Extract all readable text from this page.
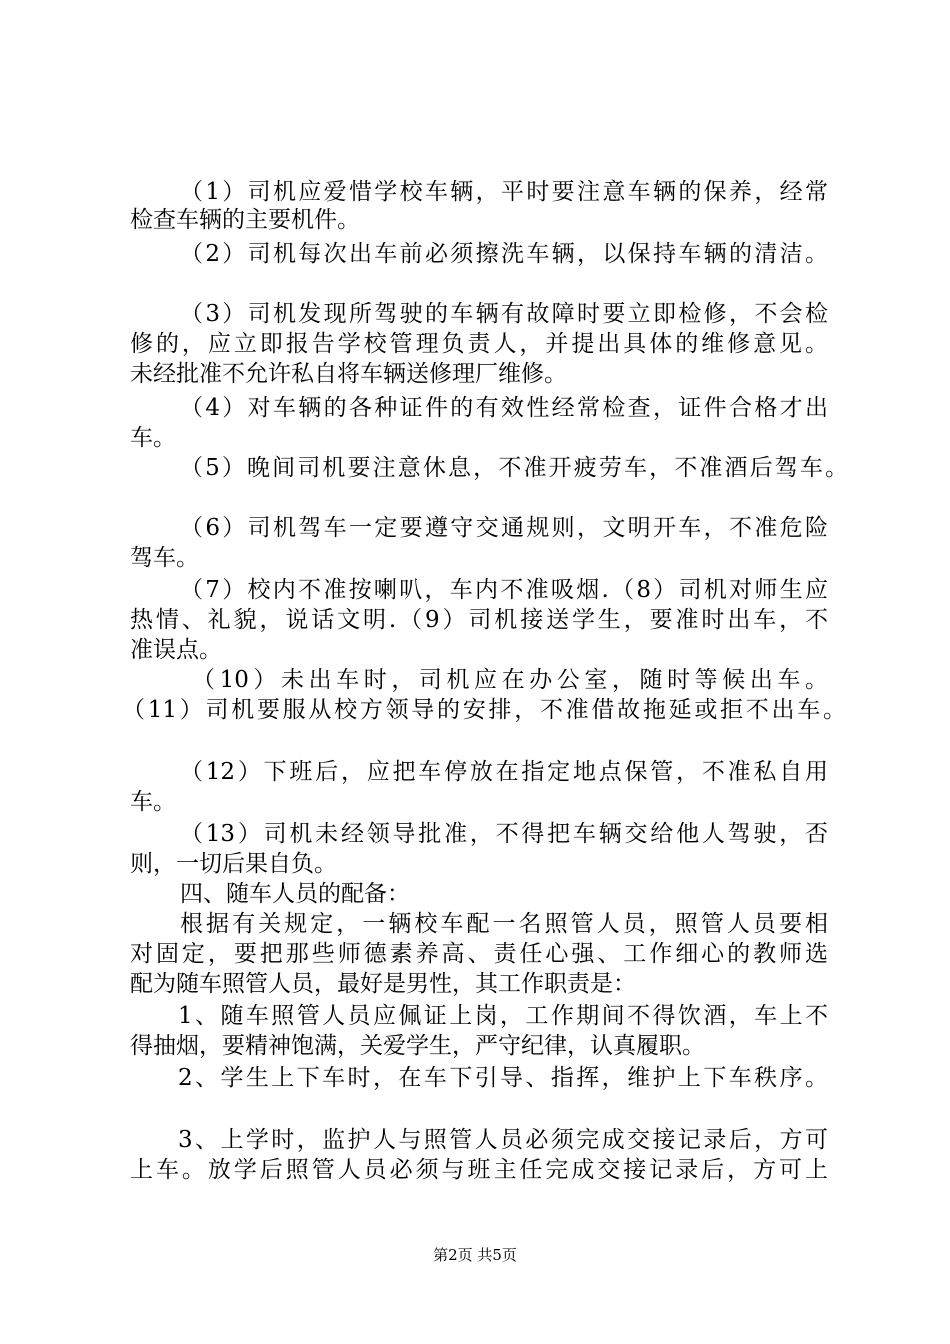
（1）司机应爱惜学校车辆，平时要注意车辆的保养，经常
检查车辆的主要机件。
（2）司机每次出车前必须擦洗车辆，以保持车辆的清洁。
（3）司机发现所驾驶的车辆有故障时要立即检修，不会检
修的，应立即报告学校管理负责人，并提出具体的维修意见。
未经批准不允许私自将车辆送修理厂维修。
（4）对车辆的各种证件的有效性经常检查，证件合格才出
车。
（5）晚间司机要注意休息，不准开疲劳车，不准酒后驾车。
（6）司机驾车一定要遵守交通规则，文明开车，不准危险
驾车。
（7）校内不准按喇叭，车内不准吸烟.（8）司机对师生应
热情、礼貌，说话文明.（9）司机接送学生，要准时出车，不
准误点。
（10）未出车时，司机应在办公室，随时等候出车。
（11）司机要服从校方领导的安排，不准借故拖延或拒不出车。
（12）下班后，应把车停放在指定地点保管，不准私自用
车。
（13）司机未经领导批准，不得把车辆交给他人驾驶，否
则，一切后果自负。
四、随车人员的配备：
根据有关规定，一辆校车配一名照管人员，照管人员要相
对固定，要把那些师德素养高、责任心强、工作细心的教师选
配为随车照管人员，最好是男性，其工作职责是：
1、随车照管人员应佩证上岗，工作期间不得饮酒，车上不
得抽烟，要精神饱满，关爱学生，严守纪律，认真履职。
2、学生上下车时，在车下引导、指挥，维护上下车秩序。
3、上学时，监护人与照管人员必须完成交接记录后，方可
上车。放学后照管人员必须与班主任完成交接记录后，方可上
第2页 共5页
